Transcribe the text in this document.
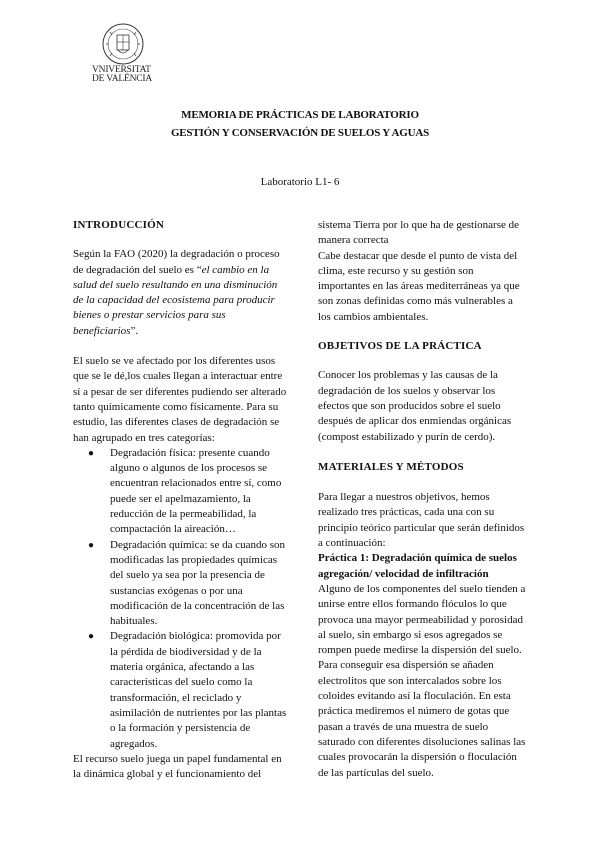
VNIVERSITAT
DE VALÈNCIA
MEMORIA DE PRÁCTICAS DE LABORATORIO
GESTIÓN Y CONSERVACIÓN DE SUELOS Y AGUAS
Laboratorio L1- 6

INTRODUCCIÓN

Según la FAO (2020) la degradación o proceso de degradación del suelo es “el cambio en la salud del suelo resultando en una disminución de la capacidad del ecosistema para producir bienes o prestar servicios para sus beneficiarios”.

El suelo se ve afectado por los diferentes usos que se le dé,los cuales llegan a interactuar entre sí a pesar de ser diferentes pudiendo ser alterado tanto químicamente como físicamente. Para su estudio, las diferentes clases de degradación se han agrupado en tres categorías:

● Degradación física: presente cuando alguno o algunos de los procesos se encuentran relacionados entre sí, como puede ser el apelmazamiento, la reducción de la permeabilidad, la compactación la aireación…
● Degradación química: se da cuando son modificadas las propiedades químicas del suelo ya sea por la presencia de sustancias exógenas o por una modificación de la concentración de las habituales.
● Degradación biológica: promovida por la pérdida de biodiversidad y de la materia orgánica, afectando a las características del suelo como la transformación, el reciclado y asimilación de nutrientes por las plantas o la formación y persistencia de agregados.

El recurso suelo juega un papel fundamental en la dinámica global y el funcionamiento del

sistema Tierra por lo que ha de gestionarse de manera correcta

Cabe destacar que desde el punto de vista del clima, este recurso y su gestión son importantes en las áreas mediterráneas ya que son zonas definidas como más vulnerables a los cambios ambientales.

OBJETIVOS DE LA PRÁCTICA

Conocer los problemas y las causas de la degradación de los suelos y observar los efectos que son producidos sobre el suelo después de aplicar dos enmiendas orgánicas (compost estabilizado y purín de cerdo).

MATERIALES Y MÉTODOS

Para llegar a nuestros objetivos, hemos realizado tres prácticas, cada una con su principio teórico particular que serán definidos a continuación:

Práctica 1: Degradación química de suelos agregación/ velocidad de infiltración

Alguno de los componentes del suelo tienden a unirse entre ellos formando flóculos lo que provoca una mayor permeabilidad y porosidad al suelo, sin embargo si esos agregados se rompen puede medirse la dispersión del suelo. Para conseguir esa dispersión se añaden electrolitos que son intercalados sobre los coloides evitando así la floculación. En esta práctica mediremos el número de gotas que pasan a través de una muestra de suelo saturado con diferentes disoluciones salinas las cuales provocarán la dispersión o floculación de las partículas del suelo.
